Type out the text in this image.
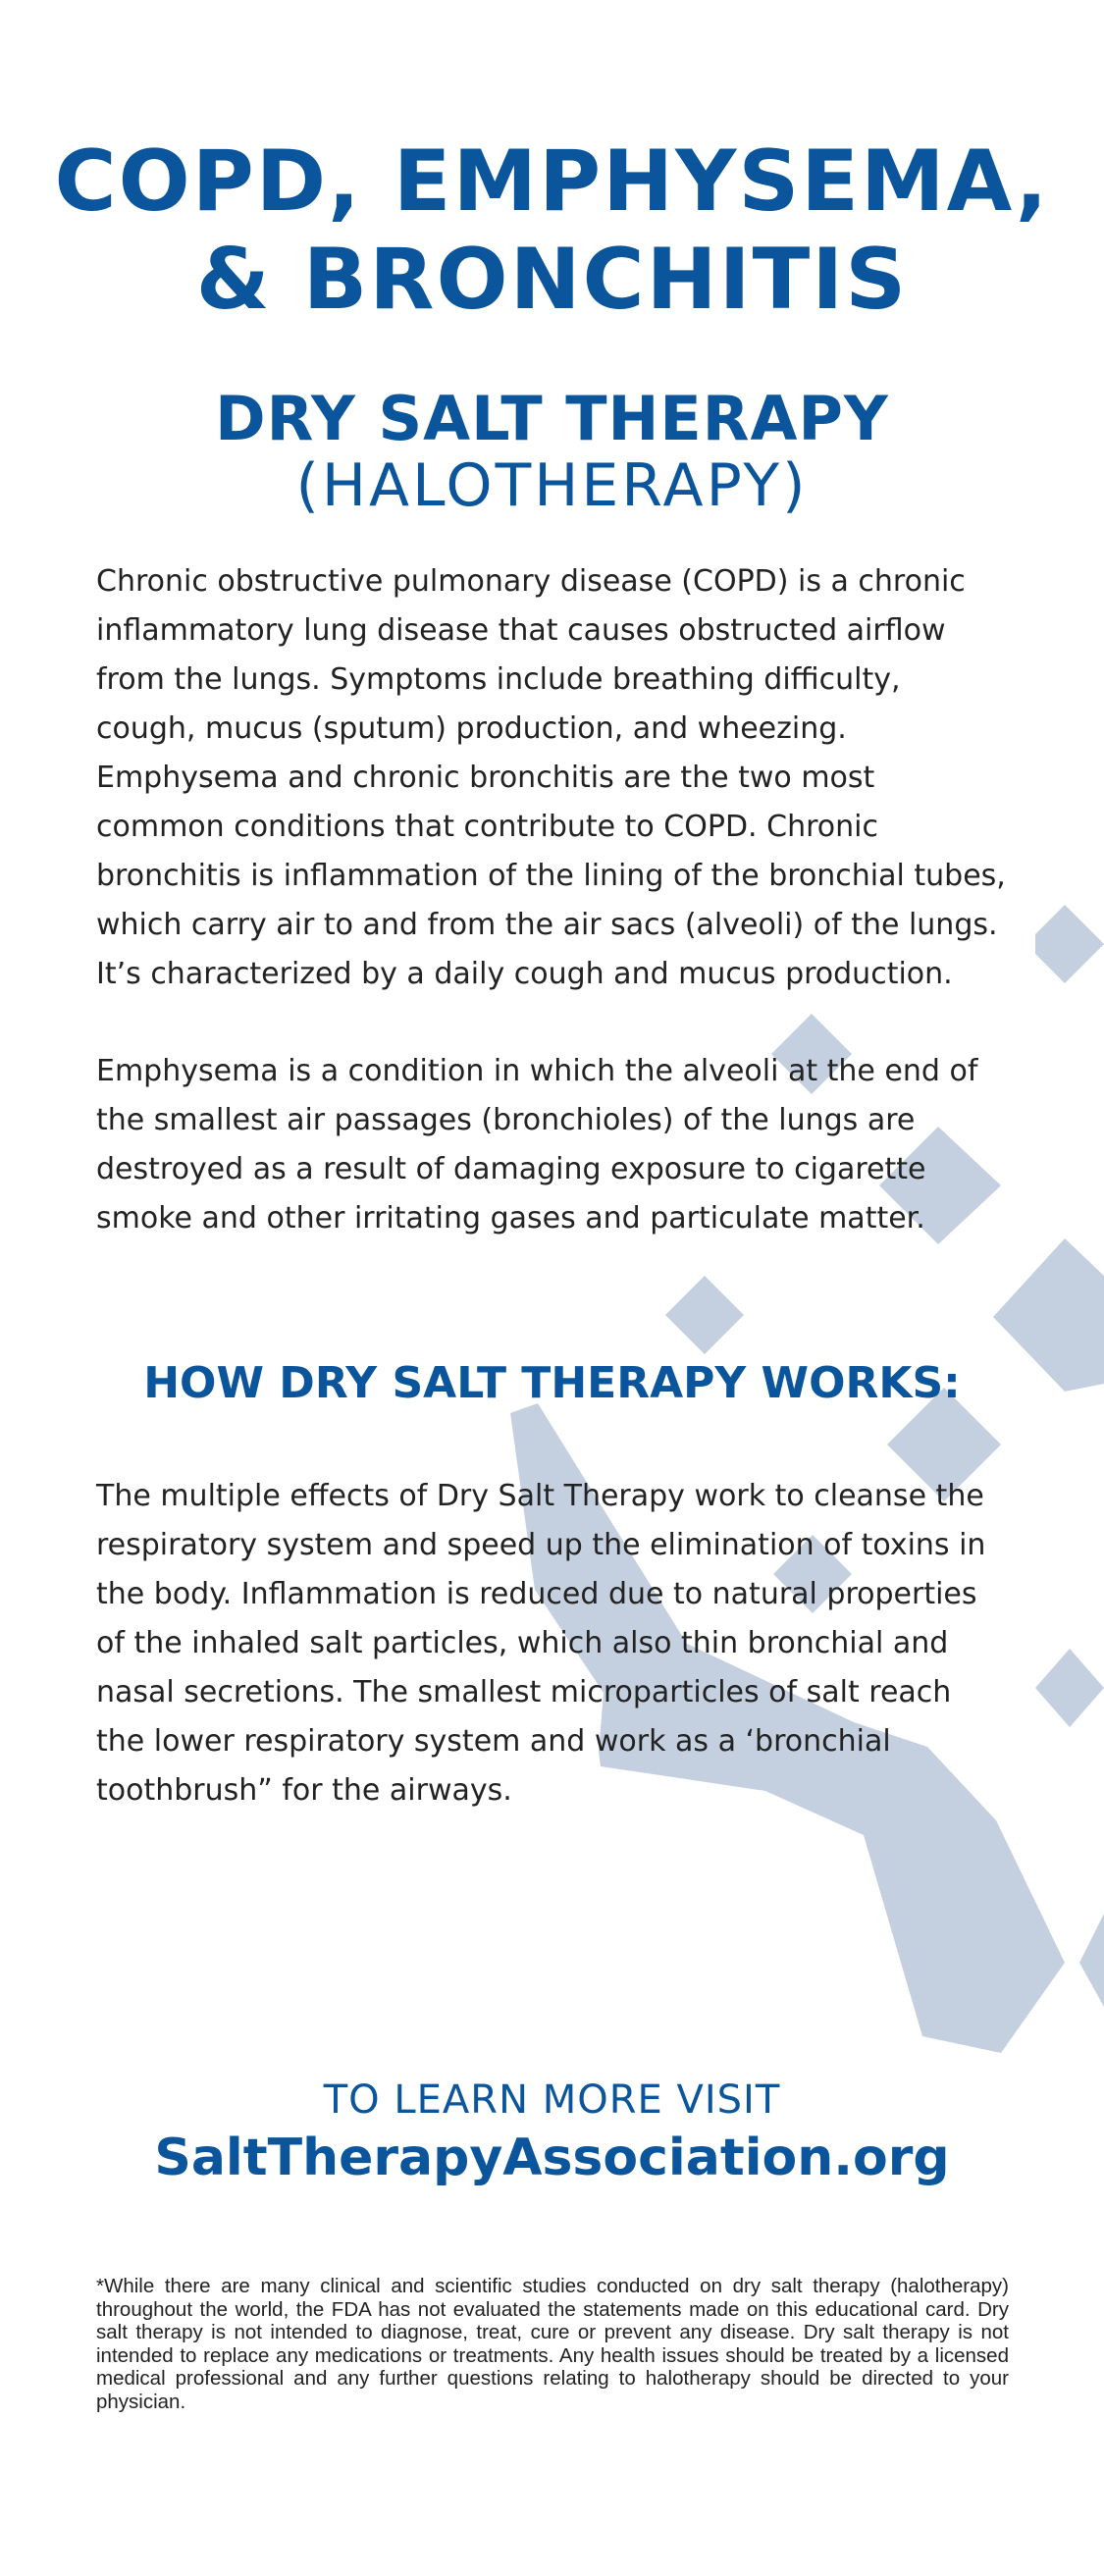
COPD, EMPHYSEMA,
& BRONCHITIS
DRY SALT THERAPY
(HALOTHERAPY)

Chronic obstructive pulmonary disease (COPD) is a chronic inflammatory lung disease that causes obstructed airflow from the lungs. Symptoms include breathing difficulty, cough, mucus (sputum) production, and wheezing. Emphysema and chronic bronchitis are the two most common conditions that contribute to COPD. Chronic bronchitis is inflammation of the lining of the bronchial tubes, which carry air to and from the air sacs (alveoli) of the lungs. It’s characterized by a daily cough and mucus production.

Emphysema is a condition in which the alveoli at the end of the smallest air passages (bronchioles) of the lungs are destroyed as a result of damaging exposure to cigarette smoke and other irritating gases and particulate matter.

HOW DRY SALT THERAPY WORKS:

The multiple effects of Dry Salt Therapy work to cleanse the respiratory system and speed up the elimination of toxins in the body. Inflammation is reduced due to natural properties of the inhaled salt particles, which also thin bronchial and nasal secretions. The smallest microparticles of salt reach the lower respiratory system and work as a ‘bronchial toothbrush” for the airways.

TO LEARN MORE VISIT
SaltTherapyAssociation.org

*While there are many clinical and scientific studies conducted on dry salt therapy (halotherapy) throughout the world, the FDA has not evaluated the statements made on this educational card. Dry salt therapy is not intended to diagnose, treat, cure or prevent any disease. Dry salt therapy is not intended to replace any medications or treatments. Any health issues should be treated by a licensed medical professional and any further questions relating to halotherapy should be directed to your physician.
